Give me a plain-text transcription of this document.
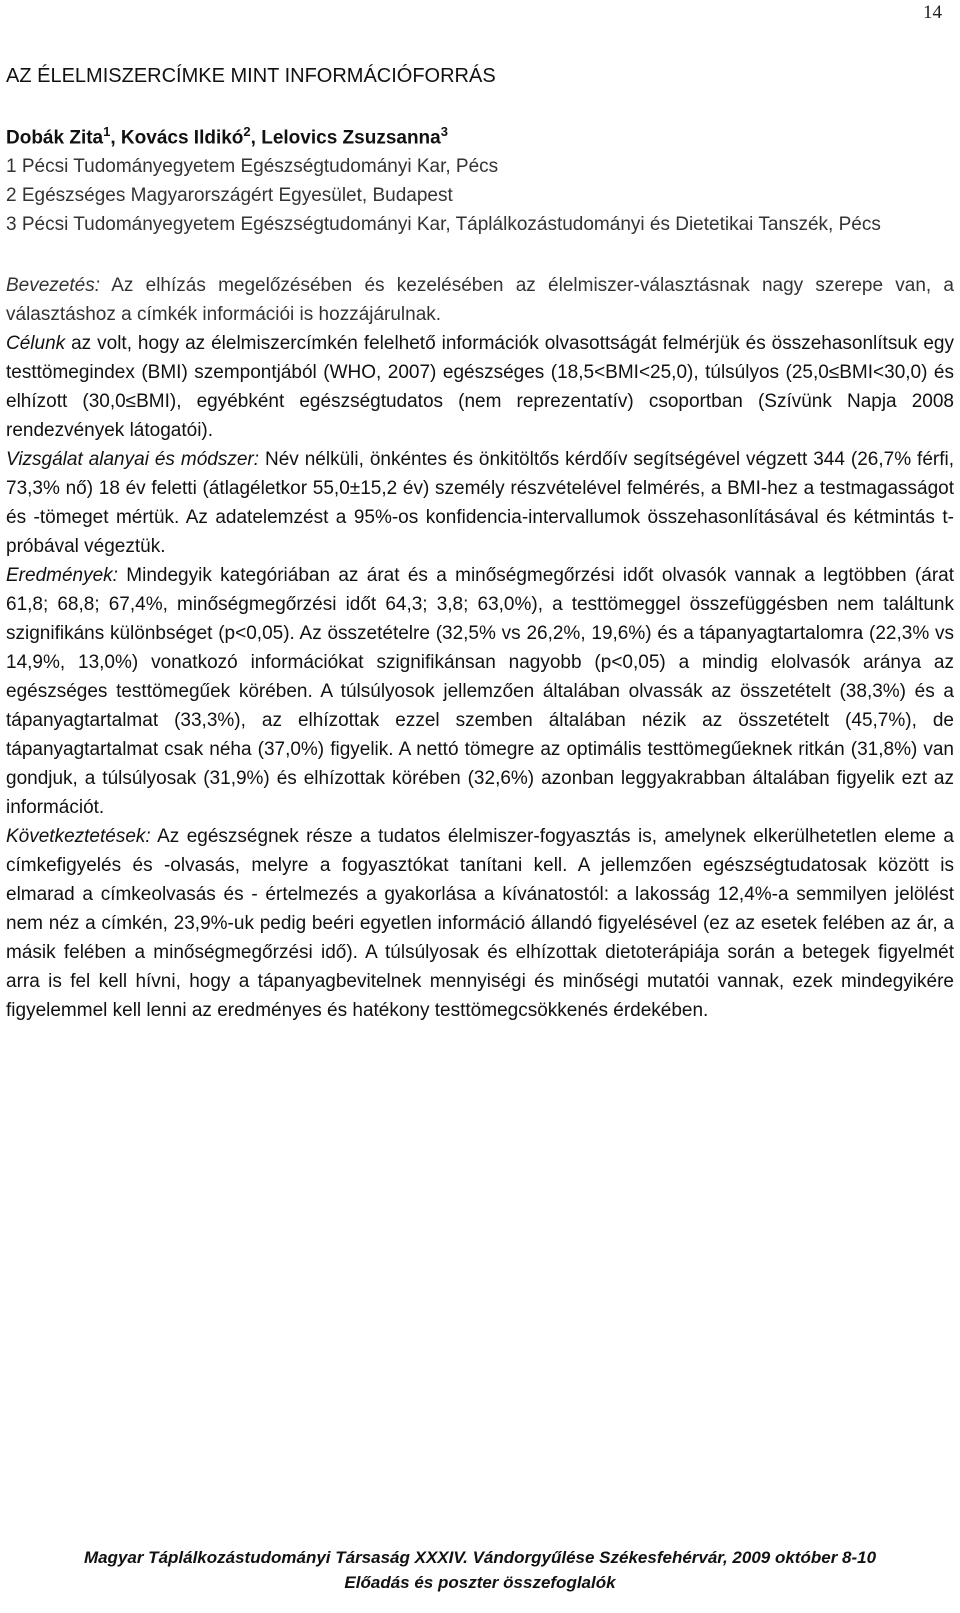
14
AZ ÉLELMISZERCÍMKE MINT INFORMÁCIÓFORRÁS
Dobák Zita$^1$, Kovács Ildikó$^2$, Lelovics Zsuzsanna$^3$
1 Pécsi Tudományegyetem Egészségtudományi Kar, Pécs
2 Egészséges Magyarországért Egyesület, Budapest
3 Pécsi Tudományegyetem Egészségtudományi Kar, Táplálkozástudományi és Dietetikai Tanszék, Pécs

Bevezetés: Az elhízás megelőzésében és kezelésében az élelmiszer-választásnak nagy szerepe van, a választáshoz a címkék információi is hozzájárulnak.

Célunk az volt, hogy az élelmiszercímkén felelhető információk olvasottságát felmérjük és összehasonlítsuk egy testtömegindex (BMI) szempontjából (WHO, 2007) egészséges (18,5<BMI<25,0), túlsúlyos (25,0≤BMI<30,0) és elhízott (30,0≤BMI), egyébként egészségtudatos (nem reprezentatív) csoportban (Szívünk Napja 2008 rendezvények látogatói).

Vizsgálat alanyai és módszer: Név nélküli, önkéntes és önkitöltős kérdőív segítségével végzett 344 (26,7% férfi, 73,3% nő) 18 év feletti (átlagéletkor 55,0±15,2 év) személy részvételével felmérés, a BMI-hez a testmagasságot és -tömeget mértük. Az adatelemzést a 95%-os konfidencia-intervallumok összehasonlításával és kétmintás t-próbával végeztük.

Eredmények: Mindegyik kategóriában az árat és a minőségmegőrzési időt olvasók vannak a legtöbben (árat 61,8; 68,8; 67,4%, minőségmegőrzési időt 64,3; 3,8; 63,0%), a testtömeggel összefüggésben nem találtunk szignifikáns különbséget (p<0,05). Az összetételre (32,5% vs 26,2%, 19,6%) és a tápanyagtartalomra (22,3% vs 14,9%, 13,0%) vonatkozó információkat szignifikánsan nagyobb (p<0,05) a mindig elolvasók aránya az egészséges testtömegűek körében. A túlsúlyosok jellemzően általában olvassák az összetételt (38,3%) és a tápanyagtartalmat (33,3%), az elhízottak ezzel szemben általában nézik az összetételt (45,7%), de tápanyagtartalmat csak néha (37,0%) figyelik. A nettó tömegre az optimális testtömegűeknek ritkán (31,8%) van gondjuk, a túlsúlyosak (31,9%) és elhízottak körében (32,6%) azonban leggyakrabban általában figyelik ezt az információt.

Következtetések: Az egészségnek része a tudatos élelmiszer-fogyasztás is, amelynek elkerülhetetlen eleme a címkefigyelés és -olvasás, melyre a fogyasztókat tanítani kell. A jellemzően egészségtudatosak között is elmarad a címkeolvasás és - értelmezés a gyakorlása a kívánatostól: a lakosság 12,4%-a semmilyen jelölést nem néz a címkén, 23,9%-uk pedig beéri egyetlen információ állandó figyelésével (ez az esetek felében az ár, a másik felében a minőségmegőrzési idő). A túlsúlyosak és elhízottak dietoterápiája során a betegek figyelmét arra is fel kell hívni, hogy a tápanyagbevitelnek mennyiségi és minőségi mutatói vannak, ezek mindegyikére figyelemmel kell lenni az eredményes és hatékony testtömegcsökkenés érdekében.

Magyar Táplálkozástudományi Társaság XXXIV. Vándorgyűlése Székesfehérvár, 2009 október 8-10
Előadás és poszter összefoglalók
